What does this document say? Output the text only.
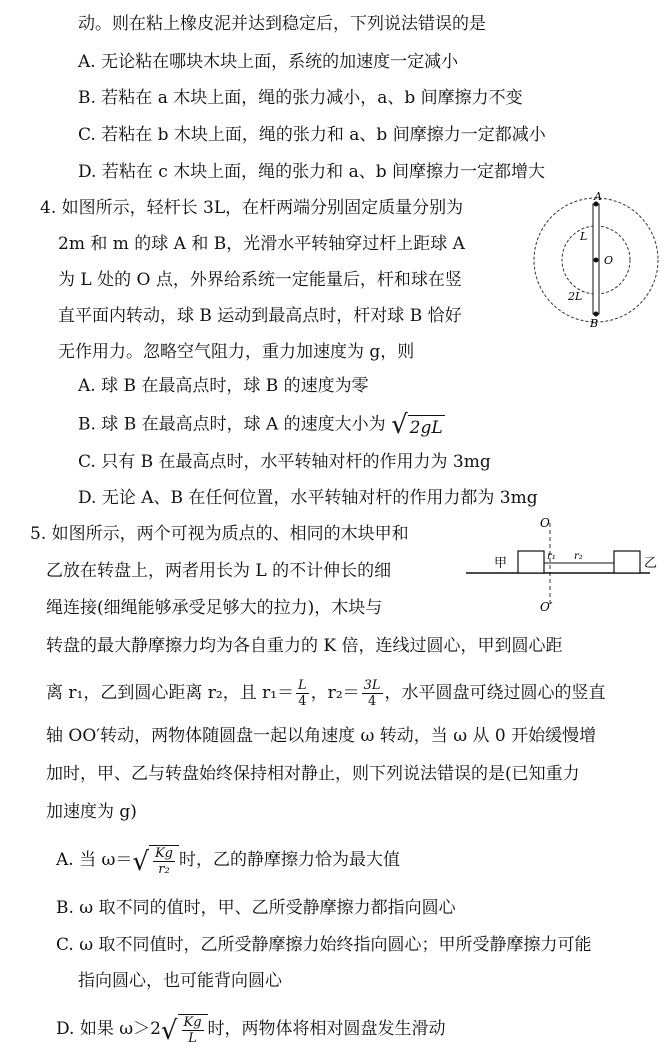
动。则在粘上橡皮泥并达到稳定后，下列说法错误的是
A. 无论粘在哪块木块上面，系统的加速度一定减小
B. 若粘在 a 木块上面，绳的张力减小，a、b 间摩擦力不变
C. 若粘在 b 木块上面，绳的张力和 a、b 间摩擦力一定都减小
D. 若粘在 c 木块上面，绳的张力和 a、b 间摩擦力一定都增大
4. 如图所示，轻杆长 3L，在杆两端分别固定质量分别为
2m 和 m 的球 A 和 B，光滑水平转轴穿过杆上距球 A
为 L 处的 O 点，外界给系统一定能量后，杆和球在竖
直平面内转动，球 B 运动到最高点时，杆对球 B 恰好
无作用力。忽略空气阻力，重力加速度为 g，则
A. 球 B 在最高点时，球 B 的速度为零
B. 球 B 在最高点时，球 A 的速度大小为 √ 2gL
C. 只有 B 在最高点时，水平转轴对杆的作用力为 3mg
D. 无论 A、B 在任何位置，水平转轴对杆的作用力都为 3mg
A
O
L
2L
B
5. 如图所示，两个可视为质点的、相同的木块甲和
乙放在转盘上，两者用长为 L 的不计伸长的细
绳连接(细绳能够承受足够大的拉力)，木块与
转盘的最大静摩擦力均为各自重力的 K 倍，连线过圆心，甲到圆心距
离 r₁，乙到圆心距离 r₂，且 $r_1= \frac{L}{4}$ ，$r_2= \frac{3L}{4}$ ，水平圆盘可绕过圆心的竖直
轴 OO′转动，两物体随圆盘一起以角速度 ω 转动，当 ω 从 0 开始缓慢增
加时，甲、乙与转盘始终保持相对静止，则下列说法错误的是(已知重力
加速度为 g)
A. 当 ω＝ √ $\frac{Kg}{\text{r₂}}$ 时，乙的静摩擦力恰为最大值
B. ω 取不同的值时，甲、乙所受静摩擦力都指向圆心
C. ω 取不同值时，乙所受静摩擦力始终指向圆心；甲所受静摩擦力可能
指向圆心，也可能背向圆心
D. 如果 ω＞2 √ $\frac{Kg}{L}$ 时，两物体将相对圆盘发生滑动
O
O′
甲	乙
r₁ r₂
